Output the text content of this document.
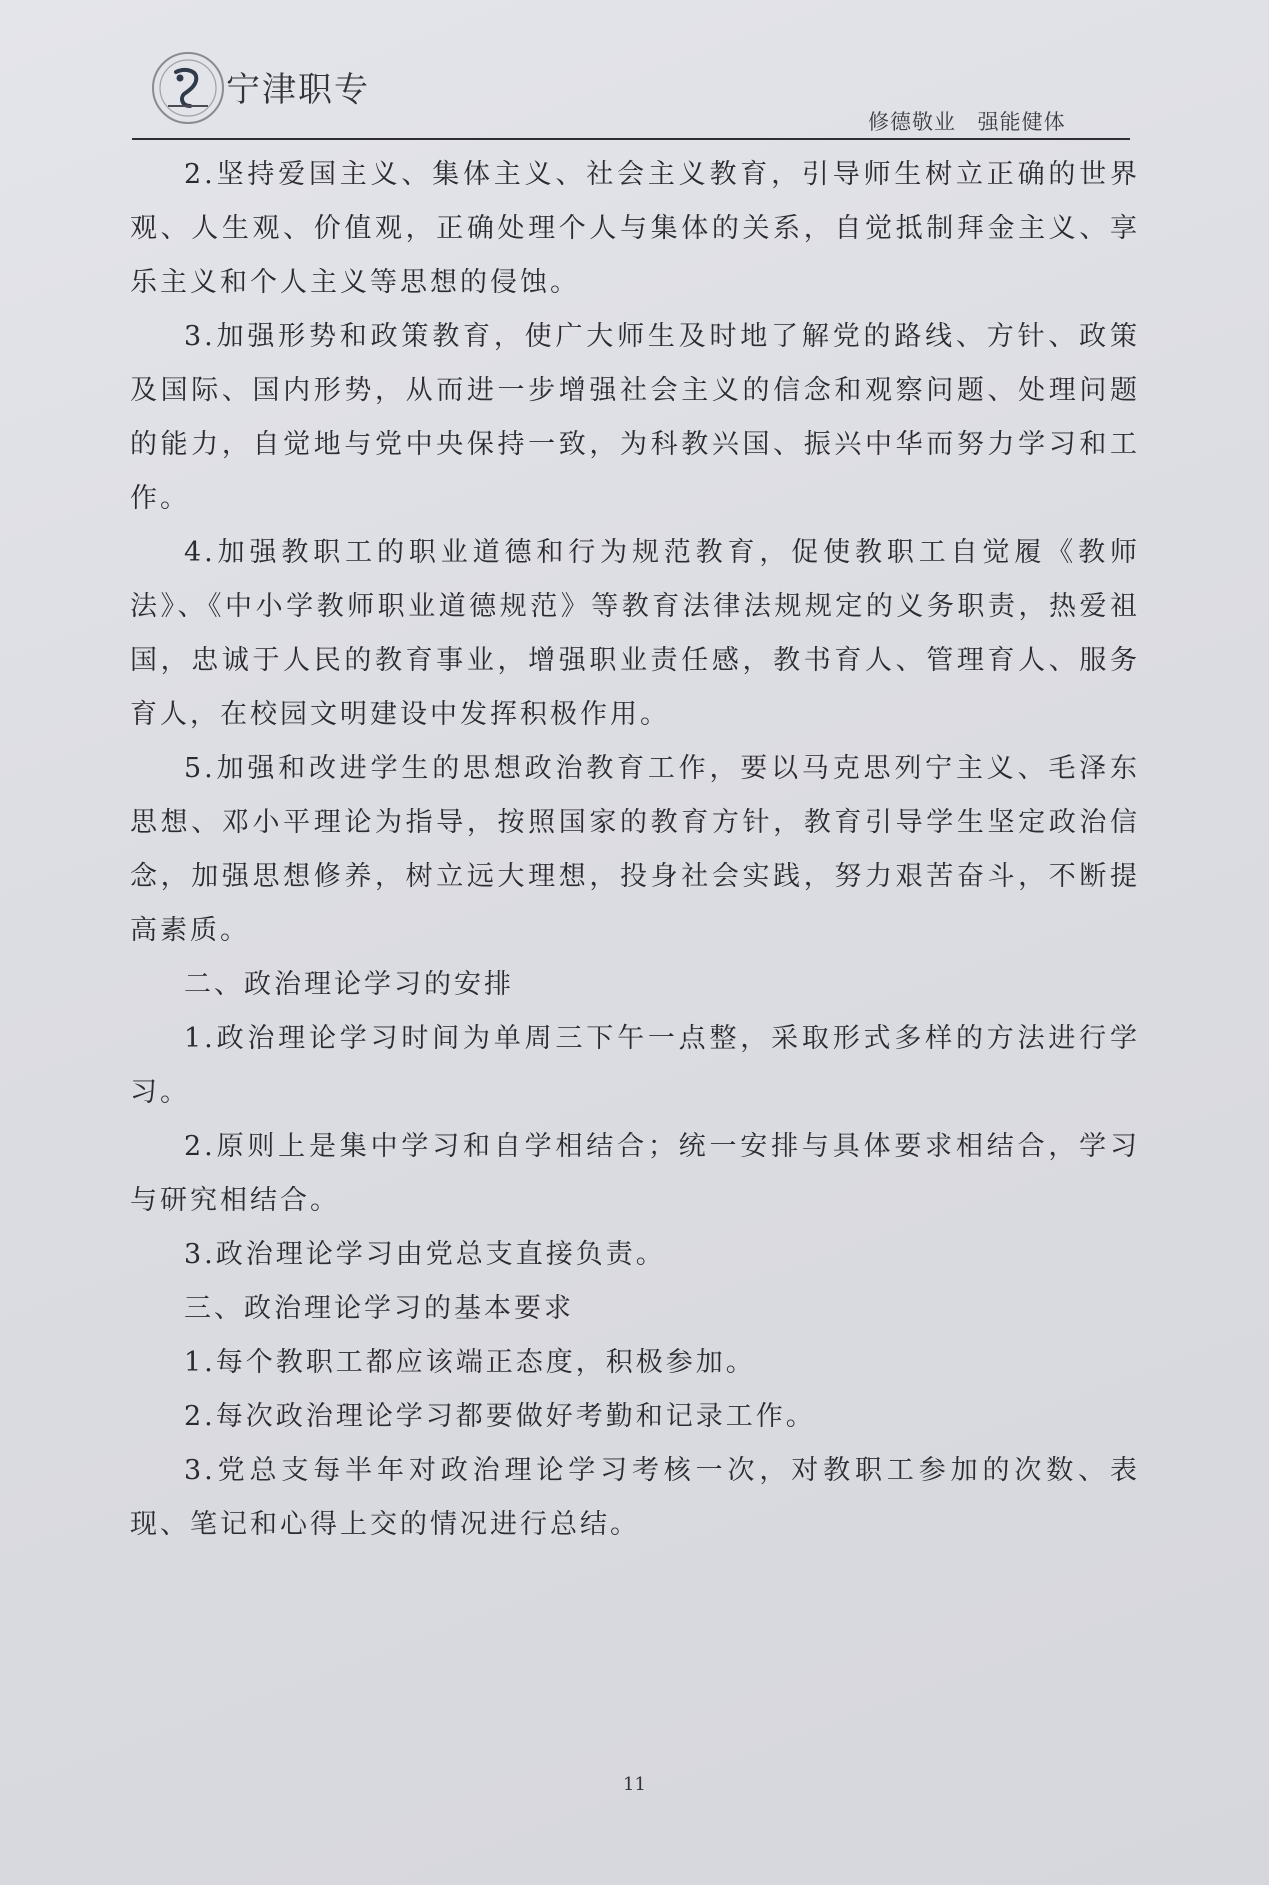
宁津职专
修德敬业 强能健体

2.坚持爱国主义、集体主义、社会主义教育，引导师生树立正确的世界观、人生观、价值观，正确处理个人与集体的关系，自觉抵制拜金主义、享乐主义和个人主义等思想的侵蚀。

3.加强形势和政策教育，使广大师生及时地了解党的路线、方针、政策及国际、国内形势，从而进一步增强社会主义的信念和观察问题、处理问题的能力，自觉地与党中央保持一致，为科教兴国、振兴中华而努力学习和工作。

4.加强教职工的职业道德和行为规范教育，促使教职工自觉履《教师法》、《中小学教师职业道德规范》等教育法律法规规定的义务职责，热爱祖国，忠诚于人民的教育事业，增强职业责任感，教书育人、管理育人、服务育人，在校园文明建设中发挥积极作用。

5.加强和改进学生的思想政治教育工作，要以马克思列宁主义、毛泽东思想、邓小平理论为指导，按照国家的教育方针，教育引导学生坚定政治信念，加强思想修养，树立远大理想，投身社会实践，努力艰苦奋斗，不断提高素质。

二、政治理论学习的安排

1.政治理论学习时间为单周三下午一点整，采取形式多样的方法进行学习。

2.原则上是集中学习和自学相结合；统一安排与具体要求相结合，学习与研究相结合。

3.政治理论学习由党总支直接负责。

三、政治理论学习的基本要求

1.每个教职工都应该端正态度，积极参加。

2.每次政治理论学习都要做好考勤和记录工作。

3.党总支每半年对政治理论学习考核一次，对教职工参加的次数、表现、笔记和心得上交的情况进行总结。

11
